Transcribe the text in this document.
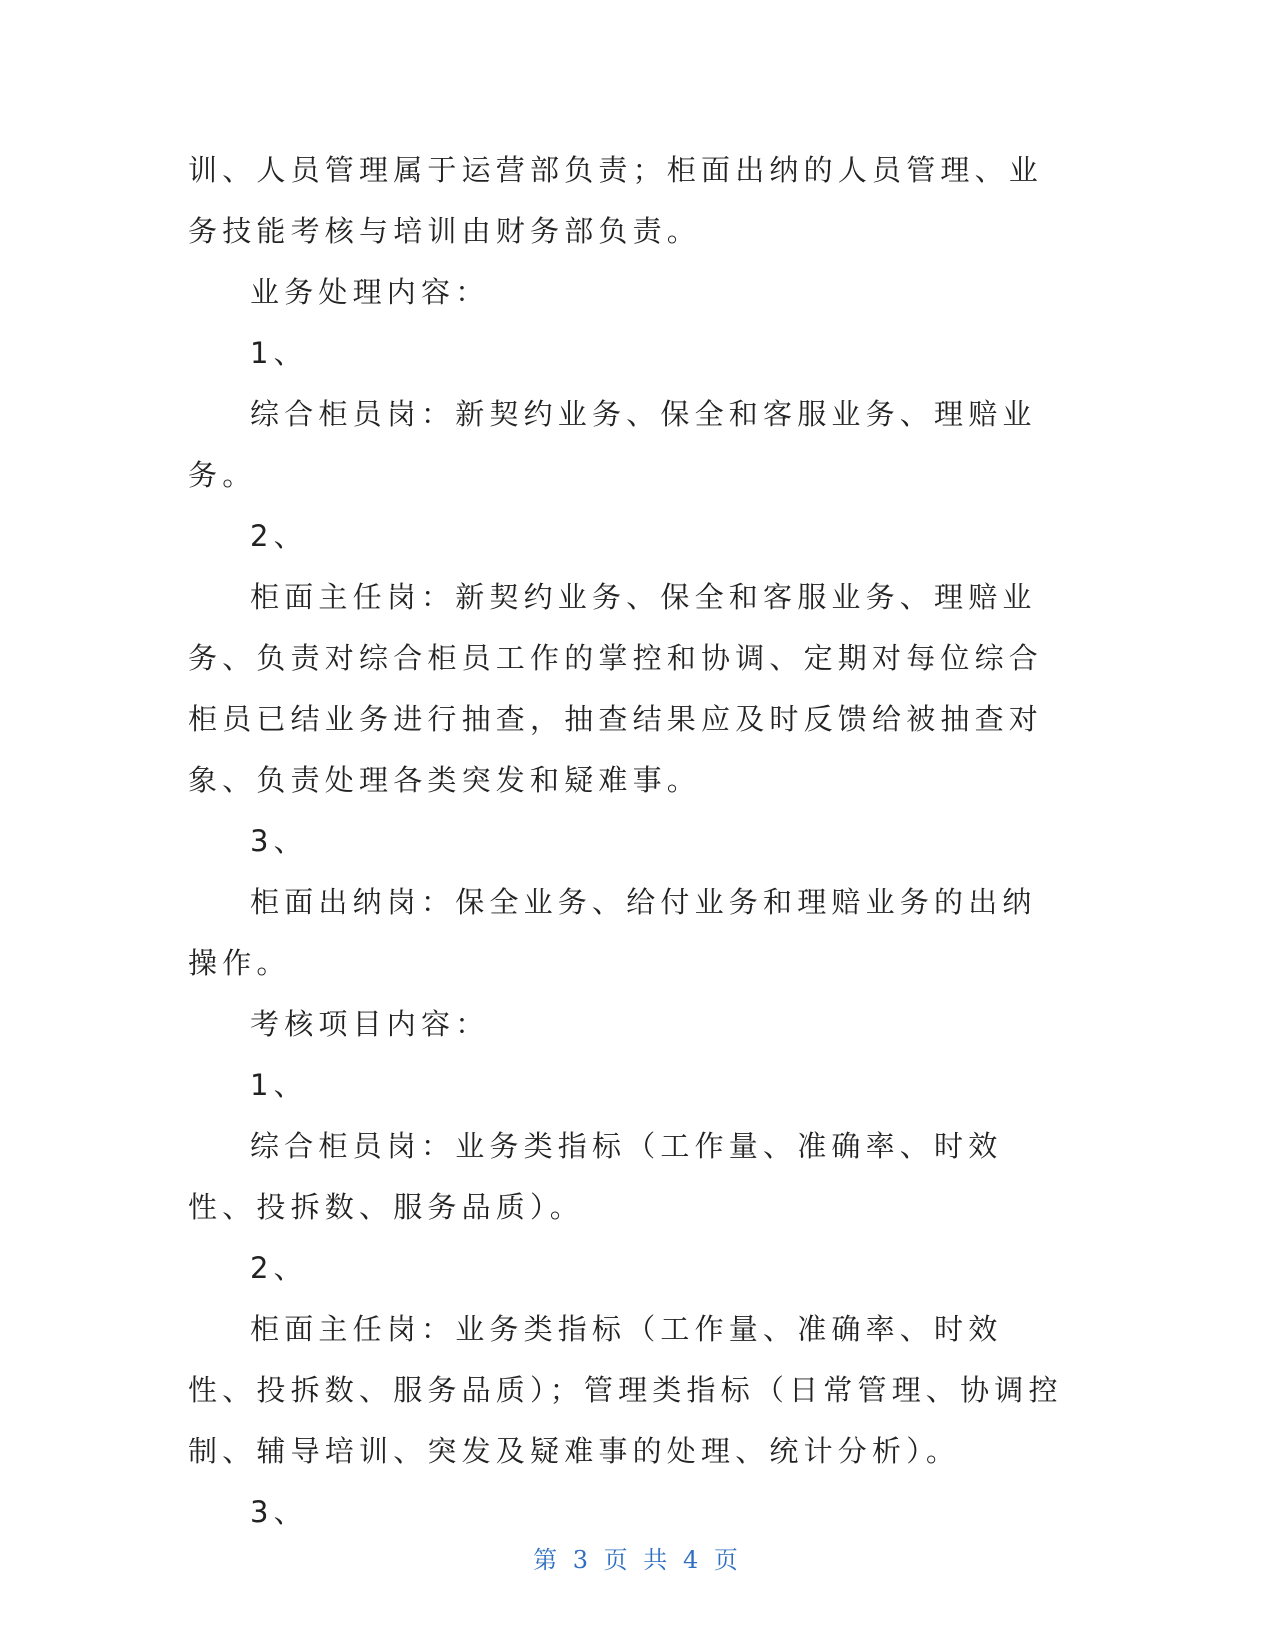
训、人员管理属于运营部负责；柜面出纳的人员管理、业务技能考核与培训由财务部负责。

业务处理内容：

1、

综合柜员岗：新契约业务、保全和客服业务、理赔业务。

2、

柜面主任岗：新契约业务、保全和客服业务、理赔业务、负责对综合柜员工作的掌控和协调、定期对每位综合柜员已结业务进行抽查，抽查结果应及时反馈给被抽查对象、负责处理各类突发和疑难事。

3、

柜面出纳岗：保全业务、给付业务和理赔业务的出纳操作。

考核项目内容：

1、

综合柜员岗：业务类指标（工作量、准确率、时效性、投拆数、服务品质）。

2、

柜面主任岗：业务类指标（工作量、准确率、时效性、投拆数、服务品质）；管理类指标（日常管理、协调控制、辅导培训、突发及疑难事的处理、统计分析）。

3、

第 3 页 共 4 页
